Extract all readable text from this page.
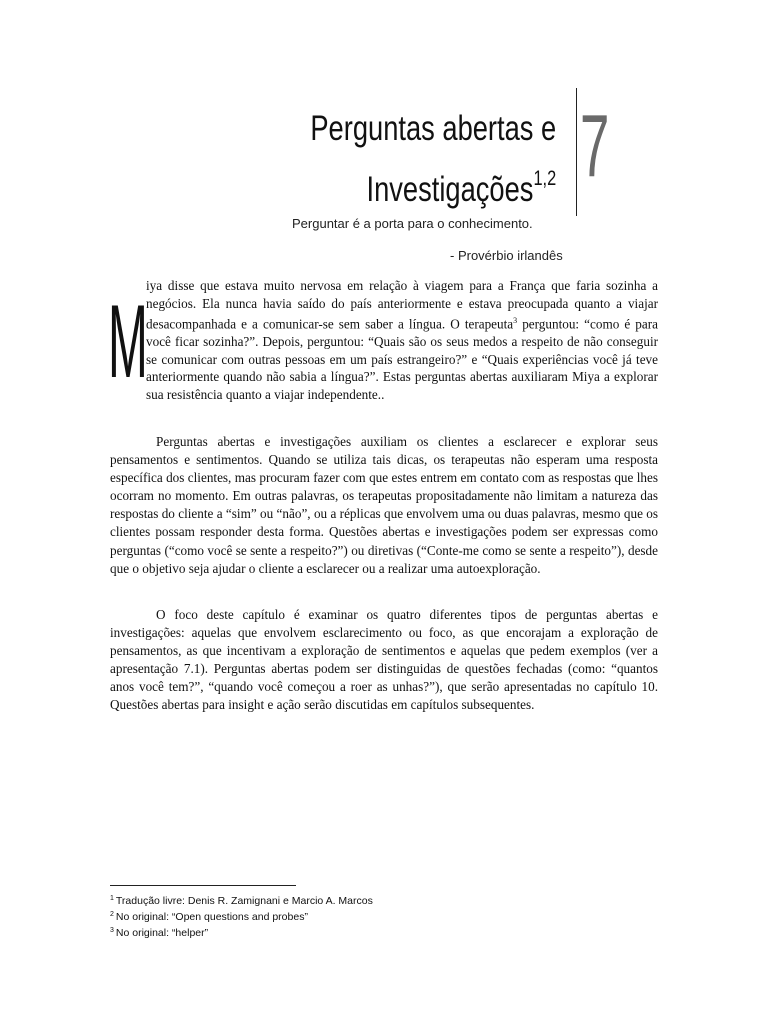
Perguntas abertas e
Investigações$^{1,2}$ 7
Perguntar é a porta para o conhecimento.
- Provérbio irlandês
M
iya disse que estava muito nervosa em relação à viagem para a França que faria sozinha a negócios. Ela nunca havia saído do país anteriormente e estava preocupada quanto a viajar desacompanhada e a comunicar-se sem saber a língua. O terapeuta$^3$ perguntou: “como é para você ficar sozinha?”. Depois, perguntou: “Quais são os seus medos a respeito de não conseguir se comunicar com outras pessoas em um país estrangeiro?” e “Quais experiências você já teve anteriormente quando não sabia a língua?”. Estas perguntas abertas auxiliaram Miya a explorar sua resistência quanto a viajar independente..
Perguntas abertas e investigações auxiliam os clientes a esclarecer e explorar seus pensamentos e sentimentos. Quando se utiliza tais dicas, os terapeutas não esperam uma resposta específica dos clientes, mas procuram fazer com que estes entrem em contato com as respostas que lhes ocorram no momento. Em outras palavras, os terapeutas propositadamente não limitam a natureza das respostas do cliente a “sim” ou “não”, ou a réplicas que envolvem uma ou duas palavras, mesmo que os clientes possam responder desta forma. Questões abertas e investigações podem ser expressas como perguntas (“como você se sente a respeito?”) ou diretivas (“Conte-me como se sente a respeito”), desde que o objetivo seja ajudar o cliente a esclarecer ou a realizar uma autoexploração.
O foco deste capítulo é examinar os quatro diferentes tipos de perguntas abertas e investigações: aquelas que envolvem esclarecimento ou foco, as que encorajam a exploração de pensamentos, as que incentivam a exploração de sentimentos e aquelas que pedem exemplos (ver a apresentação 7.1). Perguntas abertas podem ser distinguidas de questões fechadas (como: “quantos anos você tem?”, “quando você começou a roer as unhas?”), que serão apresentadas no capítulo 10. Questões abertas para insight e ação serão discutidas em capítulos subsequentes.
$^1$ Tradução livre: Denis R. Zamignani e Marcio A. Marcos
$^2$ No original: “Open questions and probes”
$^3$ No original: “helper”
